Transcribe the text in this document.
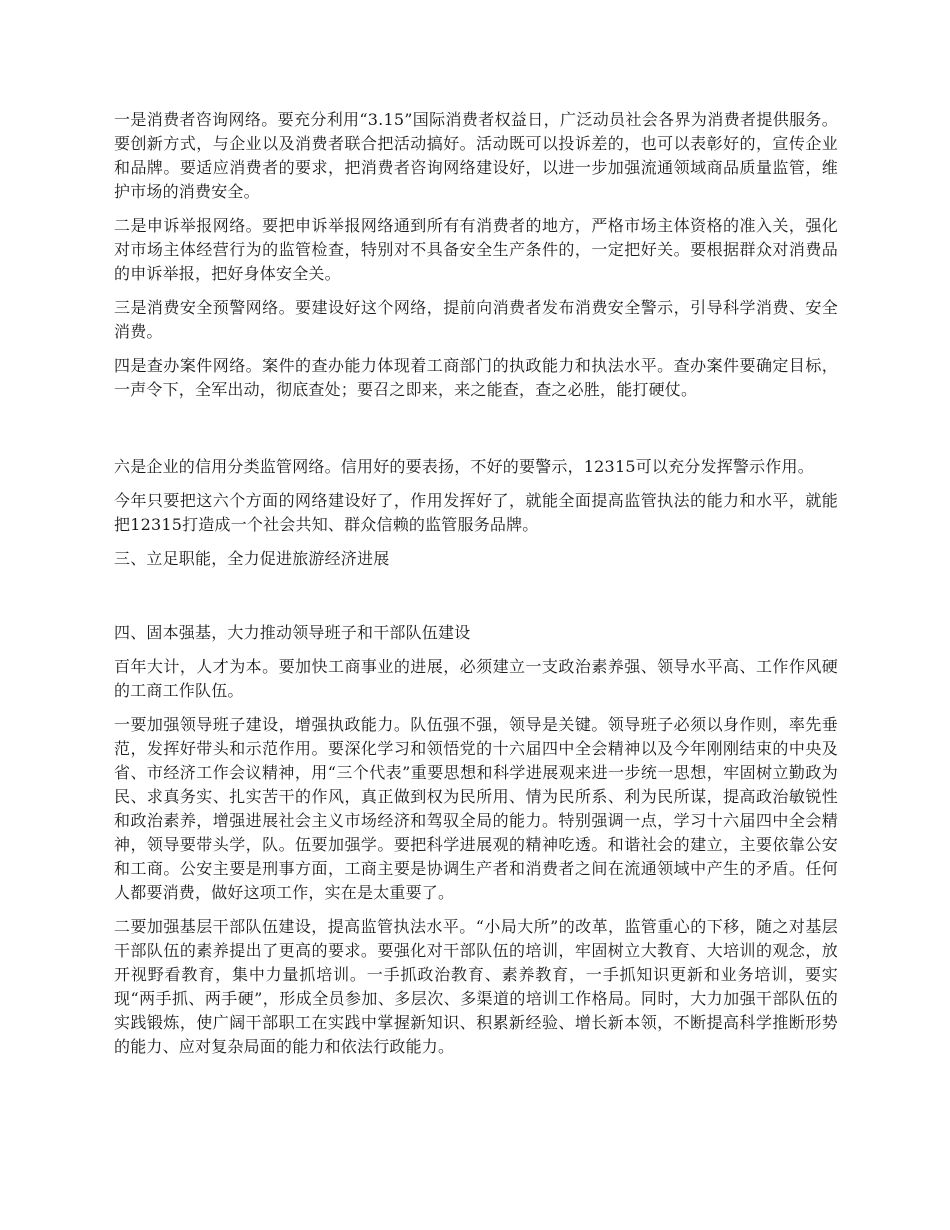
一是消费者咨询网络。要充分利用“3.15”国际消费者权益日，广泛动员社会各界为消费者提供服务。要创新方式，与企业以及消费者联合把活动搞好。活动既可以投诉差的，也可以表彰好的，宣传企业和品牌。要适应消费者的要求，把消费者咨询网络建设好，以进一步加强流通领域商品质量监管，维护市场的消费安全。

二是申诉举报网络。要把申诉举报网络通到所有有消费者的地方，严格市场主体资格的准入关，强化对市场主体经营行为的监管检查，特别对不具备安全生产条件的，一定把好关。要根据群众对消费品的申诉举报，把好身体安全关。

三是消费安全预警网络。要建设好这个网络，提前向消费者发布消费安全警示，引导科学消费、安全消费。

四是查办案件网络。案件的查办能力体现着工商部门的执政能力和执法水平。查办案件要确定目标，一声令下，全军出动，彻底查处；要召之即来，来之能查，查之必胜，能打硬仗。

六是企业的信用分类监管网络。信用好的要表扬，不好的要警示，12315可以充分发挥警示作用。

今年只要把这六个方面的网络建设好了，作用发挥好了，就能全面提高监管执法的能力和水平，就能把12315打造成一个社会共知、群众信赖的监管服务品牌。

三、立足职能，全力促进旅游经济进展

四、固本强基，大力推动领导班子和干部队伍建设

百年大计，人才为本。要加快工商事业的进展，必须建立一支政治素养强、领导水平高、工作作风硬的工商工作队伍。

一要加强领导班子建设，增强执政能力。队伍强不强，领导是关键。领导班子必须以身作则，率先垂范，发挥好带头和示范作用。要深化学习和领悟党的十六届四中全会精神以及今年刚刚结束的中央及省、市经济工作会议精神，用“三个代表”重要思想和科学进展观来进一步统一思想，牢固树立勤政为民、求真务实、扎实苦干的作风，真正做到权为民所用、情为民所系、利为民所谋，提高政治敏锐性和政治素养，增强进展社会主义市场经济和驾驭全局的能力。特别强调一点，学习十六届四中全会精神，领导要带头学，队。伍要加强学。要把科学进展观的精神吃透。和谐社会的建立，主要依靠公安和工商。公安主要是刑事方面，工商主要是协调生产者和消费者之间在流通领域中产生的矛盾。任何人都要消费，做好这项工作，实在是太重要了。

二要加强基层干部队伍建设，提高监管执法水平。“小局大所”的改革，监管重心的下移，随之对基层干部队伍的素养提出了更高的要求。要强化对干部队伍的培训，牢固树立大教育、大培训的观念，放开视野看教育，集中力量抓培训。一手抓政治教育、素养教育，一手抓知识更新和业务培训，要实现“两手抓、两手硬”，形成全员参加、多层次、多渠道的培训工作格局。同时，大力加强干部队伍的实践锻炼，使广阔干部职工在实践中掌握新知识、积累新经验、增长新本领，不断提高科学推断形势的能力、应对复杂局面的能力和依法行政能力。
